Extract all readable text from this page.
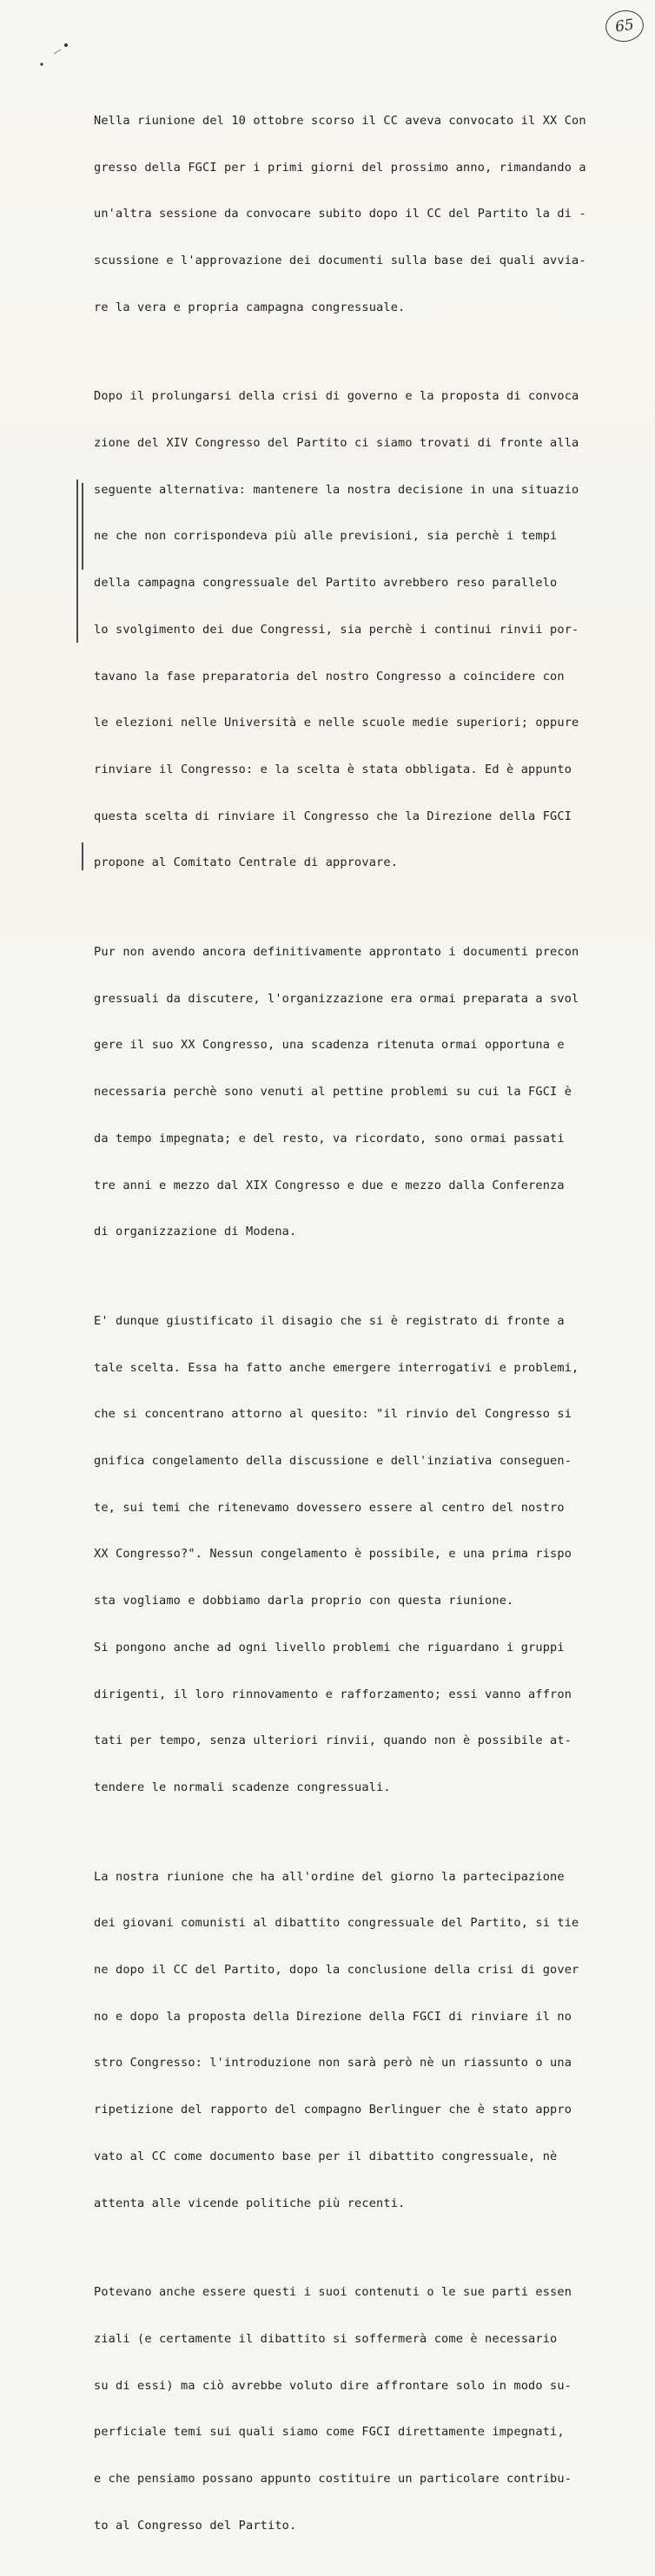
65

Nella riunione del 10 ottobre scorso il CC aveva convocato il XX Con

gresso della FGCI per i primi giorni del prossimo anno, rimandando a

un'altra sessione da convocare subito dopo il CC del Partito la di -

scussione e l'approvazione dei documenti sulla base dei quali avvia-

re la vera e propria campagna congressuale.

Dopo il prolungarsi della crisi di governo e la proposta di convoca

zione del XIV Congresso del Partito ci siamo trovati di fronte alla

seguente alternativa: mantenere la nostra decisione in una situazio

ne che non corrispondeva più alle previsioni, sia perchè i tempi

della campagna congressuale del Partito avrebbero reso parallelo

lo svolgimento dei due Congressi, sia perchè i continui rinvii por-

tavano la fase preparatoria del nostro Congresso a coincidere con

le elezioni nelle Università e nelle scuole medie superiori; oppure

rinviare il Congresso: e la scelta è stata obbligata. Ed è appunto

questa scelta di rinviare il Congresso che la Direzione della FGCI

propone al Comitato Centrale di approvare.

Pur non avendo ancora definitivamente approntato i documenti precon

gressuali da discutere, l'organizzazione era ormai preparata a svol

gere il suo XX Congresso, una scadenza ritenuta ormai opportuna e

necessaria perchè sono venuti al pettine problemi su cui la FGCI è

da tempo impegnata; e del resto, va ricordato, sono ormai passati

tre anni e mezzo dal XIX Congresso e due e mezzo dalla Conferenza

di organizzazione di Modena.

E' dunque giustificato il disagio che si è registrato di fronte a

tale scelta. Essa ha fatto anche emergere interrogativi e problemi,

che si concentrano attorno al quesito: "il rinvio del Congresso si

gnifica congelamento della discussione e dell'inziativa conseguen-

te, sui temi che ritenevamo dovessero essere al centro del nostro

XX Congresso?". Nessun congelamento è possibile, e una prima rispo

sta vogliamo e dobbiamo darla proprio con questa riunione.

Si pongono anche ad ogni livello problemi che riguardano i gruppi

dirigenti, il loro rinnovamento e rafforzamento; essi vanno affron

tati per tempo, senza ulteriori rinvii, quando non è possibile at-

tendere le normali scadenze congressuali.

La nostra riunione che ha all'ordine del giorno la partecipazione

dei giovani comunisti al dibattito congressuale del Partito, si tie

ne dopo il CC del Partito, dopo la conclusione della crisi di gover

no e dopo la proposta della Direzione della FGCI di rinviare il no

stro Congresso: l'introduzione non sarà però nè un riassunto o una

ripetizione del rapporto del compagno Berlinguer che è stato appro

vato al CC come documento base per il dibattito congressuale, nè

attenta alle vicende politiche più recenti.

Potevano anche essere questi i suoi contenuti o le sue parti essen

ziali (e certamente il dibattito si soffermerà come è necessario

su di essi) ma ciò avrebbe voluto dire affrontare solo in modo su-

perficiale temi sui quali siamo come FGCI direttamente impegnati,

e che pensiamo possano appunto costituire un particolare contribu-

to al Congresso del Partito.
